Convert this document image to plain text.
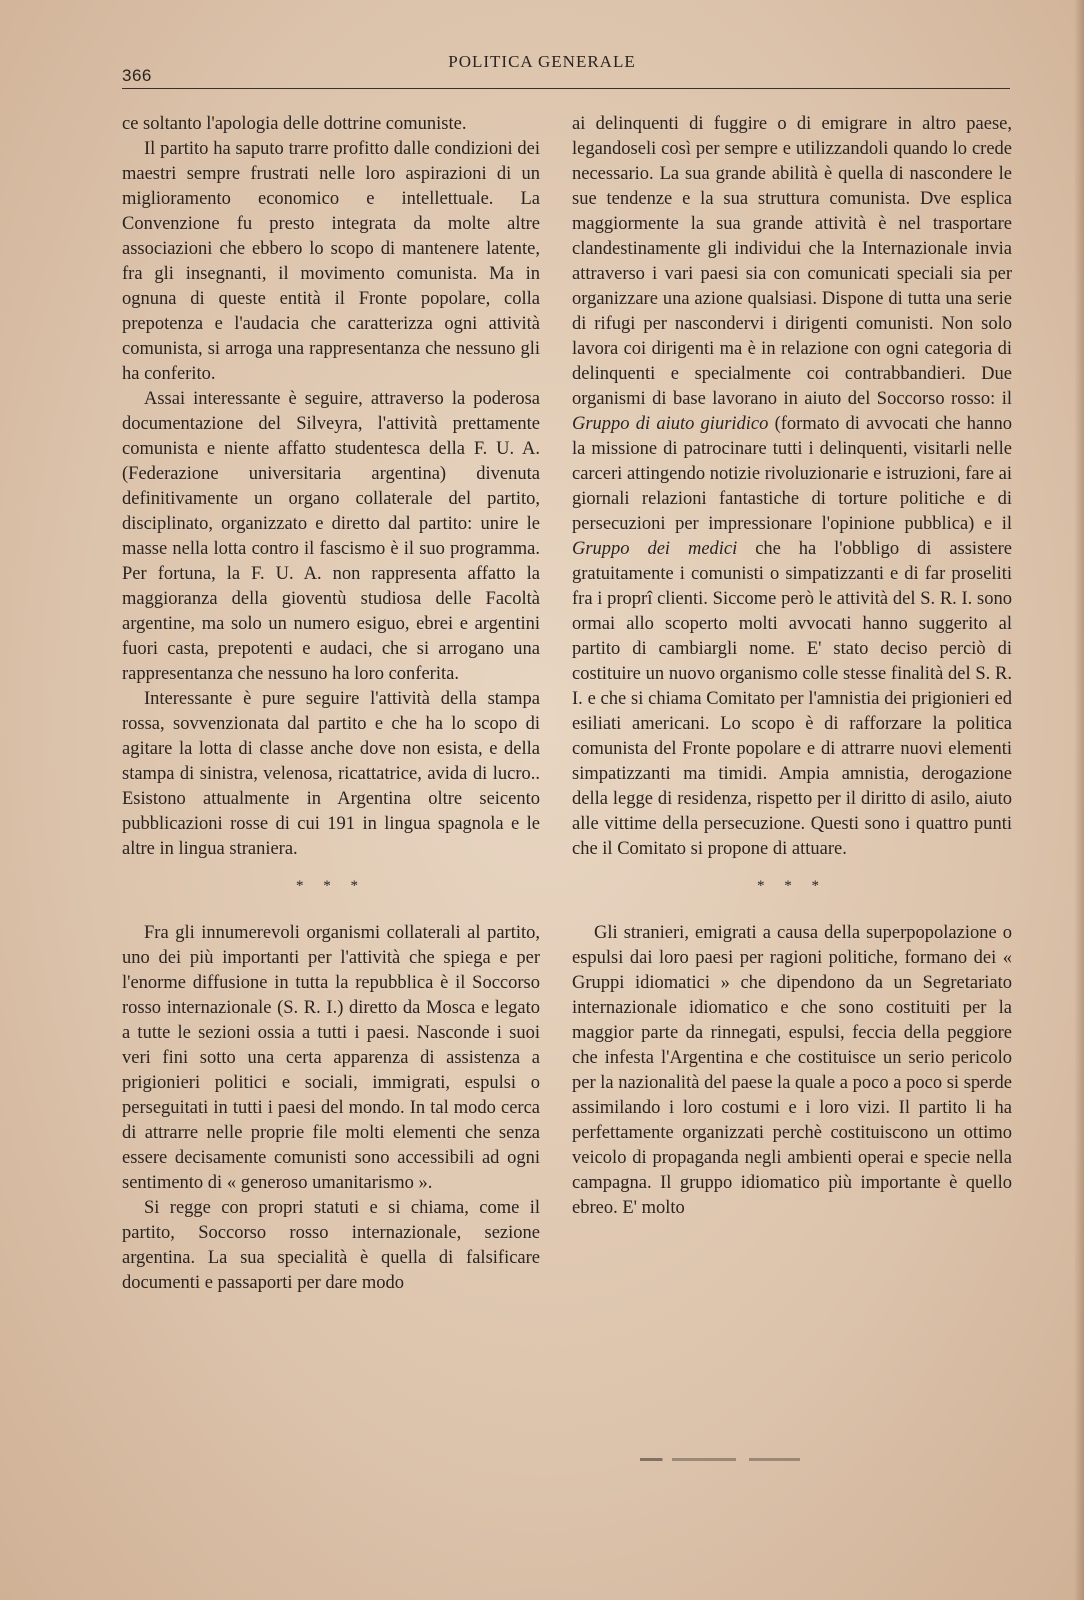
366
POLITICA GENERALE

ce soltanto l'apologia delle dottrine comuniste.

Il partito ha saputo trarre profitto dalle condizioni dei maestri sempre frustrati nelle loro aspirazioni di un miglioramento economico e intellettuale. La Convenzione fu presto integrata da molte altre associazioni che ebbero lo scopo di mantenere latente, fra gli insegnanti, il movimento comunista. Ma in ognuna di queste entità il Fronte popolare, colla prepotenza e l'audacia che caratterizza ogni attività comunista, si arroga una rappresentanza che nessuno gli ha conferito.

Assai interessante è seguire, attraverso la poderosa documentazione del Silveyra, l'attività prettamente comunista e niente affatto studentesca della F. U. A. (Federazione universitaria argentina) divenuta definitivamente un organo collaterale del partito, disciplinato, organizzato e diretto dal partito: unire le masse nella lotta contro il fascismo è il suo programma. Per fortuna, la F. U. A. non rappresenta affatto la maggioranza della gioventù studiosa delle Facoltà argentine, ma solo un numero esiguo, ebrei e argentini fuori casta, prepotenti e audaci, che si arrogano una rappresentanza che nessuno ha loro conferita.

Interessante è pure seguire l'attività della stampa rossa, sovvenzionata dal partito e che ha lo scopo di agitare la lotta di classe anche dove non esista, e della stampa di sinistra, velenosa, ricattatrice, avida di lucro.. Esistono attualmente in Argentina oltre seicento pubblicazioni rosse di cui 191 in lingua spagnola e le altre in lingua straniera.

* * *

Fra gli innumerevoli organismi collaterali al partito, uno dei più importanti per l'attività che spiega e per l'enorme diffusione in tutta la repubblica è il Soccorso rosso internazionale (S. R. I.) diretto da Mosca e legato a tutte le sezioni ossia a tutti i paesi. Nasconde i suoi veri fini sotto una certa apparenza di assistenza a prigionieri politici e sociali, immigrati, espulsi o perseguitati in tutti i paesi del mondo. In tal modo cerca di attrarre nelle proprie file molti elementi che senza essere decisamente comunisti sono accessibili ad ogni sentimento di « generoso umanitarismo ».

Si regge con propri statuti e si chiama, come il partito, Soccorso rosso internazionale, sezione argentina. La sua specialità è quella di falsificare documenti e passaporti per dare modo

ai delinquenti di fuggire o di emigrare in altro paese, legandoseli così per sempre e utilizzandoli quando lo crede necessario. La sua grande abilità è quella di nascondere le sue tendenze e la sua struttura comunista. Dve esplica maggiormente la sua grande attività è nel trasportare clandestinamente gli individui che la Internazionale invia attraverso i vari paesi sia con comunicati speciali sia per organizzare una azione qualsiasi. Dispone di tutta una serie di rifugi per nascondervi i dirigenti comunisti. Non solo lavora coi dirigenti ma è in relazione con ogni categoria di delinquenti e specialmente coi contrabbandieri. Due organismi di base lavorano in aiuto del Soccorso rosso: il Gruppo di aiuto giuridico (formato di avvocati che hanno la missione di patrocinare tutti i delinquenti, visitarli nelle carceri attingendo notizie rivoluzionarie e istruzioni, fare ai giornali relazioni fantastiche di torture politiche e di persecuzioni per impressionare l'opinione pubblica) e il Gruppo dei medici che ha l'obbligo di assistere gratuitamente i comunisti o simpatizzanti e di far proseliti fra i proprî clienti. Siccome però le attività del S. R. I. sono ormai allo scoperto molti avvocati hanno suggerito al partito di cambiargli nome. E' stato deciso perciò di costituire un nuovo organismo colle stesse finalità del S. R. I. e che si chiama Comitato per l'amnistia dei prigionieri ed esiliati americani. Lo scopo è di rafforzare la politica comunista del Fronte popolare e di attrarre nuovi elementi simpatizzanti ma timidi. Ampia amnistia, derogazione della legge di residenza, rispetto per il diritto di asilo, aiuto alle vittime della persecuzione. Questi sono i quattro punti che il Comitato si propone di attuare.

* * *

Gli stranieri, emigrati a causa della superpopolazione o espulsi dai loro paesi per ragioni politiche, formano dei « Gruppi idiomatici » che dipendono da un Segretariato internazionale idiomatico e che sono costituiti per la maggior parte da rinnegati, espulsi, feccia della peggiore che infesta l'Argentina e che costituisce un serio pericolo per la nazionalità del paese la quale a poco a poco si sperde assimilando i loro costumi e i loro vizi. Il partito li ha perfettamente organizzati perchè costituiscono un ottimo veicolo di propaganda negli ambienti operai e specie nella campagna. Il gruppo idiomatico più importante è quello ebreo. E' molto
